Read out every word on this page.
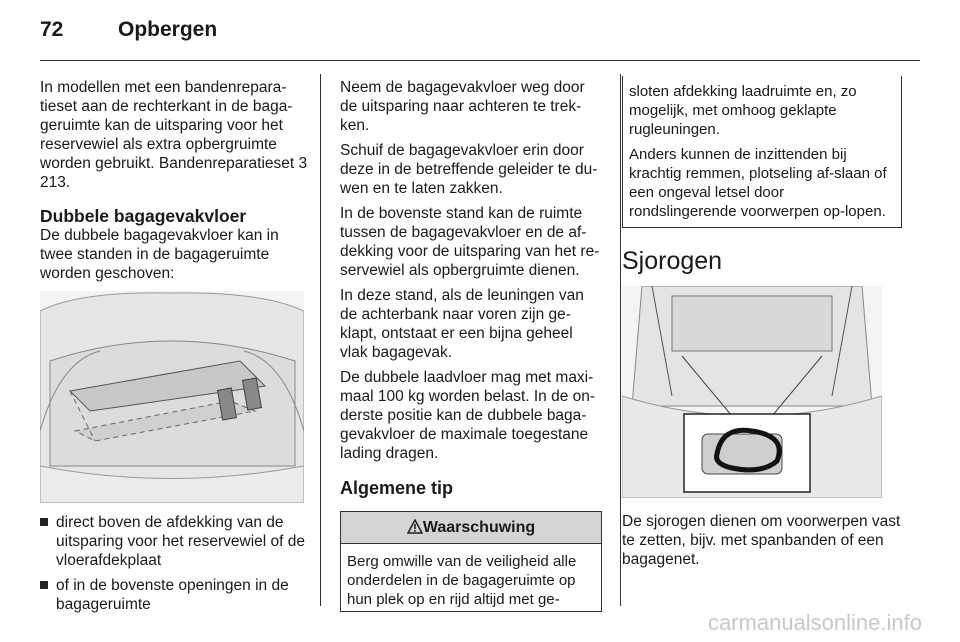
72	Opbergen

In modellen met een bandenrepara-tieset aan de rechterkant in de baga-geruimte kan de uitsparing voor het reservewiel als extra opbergruimte worden gebruikt. Bandenreparatieset 3 213.

Dubbele bagagevakvloer

De dubbele bagagevakvloer kan in twee standen in de bagageruimte worden geschoven:

direct boven de afdekking van de uitsparing voor het reservewiel of de vloerafdekplaat
of in de bovenste openingen in de bagageruimte

Neem de bagagevakvloer weg door de uitsparing naar achteren te trek-ken.

Schuif de bagagevakvloer erin door deze in de betreffende geleider te du-wen en te laten zakken.

In de bovenste stand kan de ruimte tussen de bagagevakvloer en de af-dekking voor de uitsparing van het re-servewiel als opbergruimte dienen.

In deze stand, als de leuningen van de achterbank naar voren zijn ge-klapt, ontstaat er een bijna geheel vlak bagagevak.

De dubbele laadvloer mag met maxi-maal 100 kg worden belast. In de on-derste positie kan de dubbele baga-gevakvloer de maximale toegestane lading dragen.

Algemene tip
Waarschuwing
Berg omwille van de veiligheid alle onderdelen in de bagageruimte op hun plek op en rijd altijd met ge-

sloten afdekking laadruimte en, zo mogelijk, met omhoog geklapte rugleuningen.

Anders kunnen de inzittenden bij krachtig remmen, plotseling af-slaan of een ongeval letsel door rondslingerende voorwerpen op-lopen.

Sjorogen

De sjorogen dienen om voorwerpen vast te zetten, bijv. met spanbanden of een bagagenet.

carmanualsonline.info
